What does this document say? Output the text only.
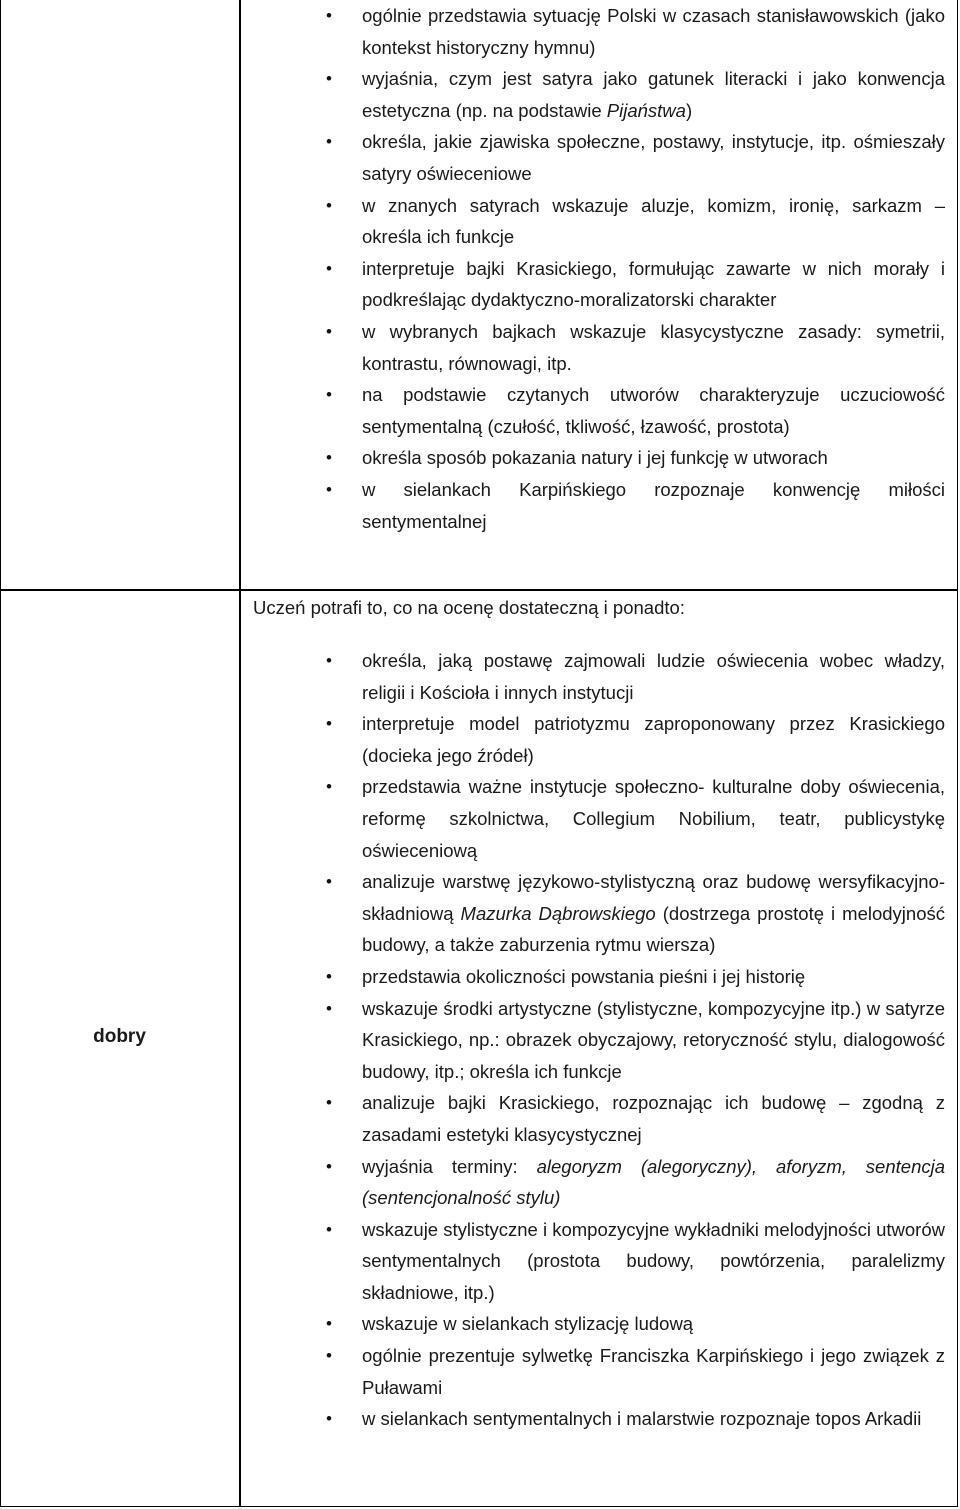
• ogólnie przedstawia sytuację Polski w czasach stanisławowskich (jako kontekst historyczny hymnu)
• wyjaśnia, czym jest satyra jako gatunek literacki i jako konwencja estetyczna (np. na podstawie Pijaństwa)
• określa, jakie zjawiska społeczne, postawy, instytucje, itp. ośmieszały satyry oświeceniowe
• w znanych satyrach wskazuje aluzje, komizm, ironię, sarkazm – określa ich funkcje
• interpretuje bajki Krasickiego, formułując zawarte w nich morały i podkreślając dydaktyczno-moralizatorski charakter
• w wybranych bajkach wskazuje klasycystyczne zasady: symetrii, kontrastu, równowagi, itp.
• na podstawie czytanych utworów charakteryzuje uczuciowość sentymentalną (czułość, tkliwość, łzawość, prostota)
• określa sposób pokazania natury i jej funkcję w utworach
• w sielankach Karpińskiego rozpoznaje konwencję miłości sentymentalnej
dobry
Uczeń potrafi to, co na ocenę dostateczną i ponadto:
• określa, jaką postawę zajmowali ludzie oświecenia wobec władzy, religii i Kościoła i innych instytucji
• interpretuje model patriotyzmu zaproponowany przez Krasickiego (docieka jego źródeł)
• przedstawia ważne instytucje społeczno- kulturalne doby oświecenia, reformę szkolnictwa, Collegium Nobilium, teatr, publicystykę oświeceniową
• analizuje warstwę językowo-stylistyczną oraz budowę wersyfikacyjno-składniową Mazurka Dąbrowskiego (dostrzega prostotę i melodyjność budowy, a także zaburzenia rytmu wiersza)
• przedstawia okoliczności powstania pieśni i jej historię
• wskazuje środki artystyczne (stylistyczne, kompozycyjne itp.) w satyrze Krasickiego, np.: obrazek obyczajowy, retoryczność stylu, dialogowość budowy, itp.; określa ich funkcje
• analizuje bajki Krasickiego, rozpoznając ich budowę – zgodną z zasadami estetyki klasycystycznej
• wyjaśnia terminy: alegoryzm (alegoryczny), aforyzm, sentencja (sentencjonalność stylu)
• wskazuje stylistyczne i kompozycyjne wykładniki melodyjności utworów sentymentalnych (prostota budowy, powtórzenia, paralelizmy składniowe, itp.)
• wskazuje w sielankach stylizację ludową
• ogólnie prezentuje sylwetkę Franciszka Karpińskiego i jego związek z Puławami
• w sielankach sentymentalnych i malarstwie rozpoznaje topos Arkadii
